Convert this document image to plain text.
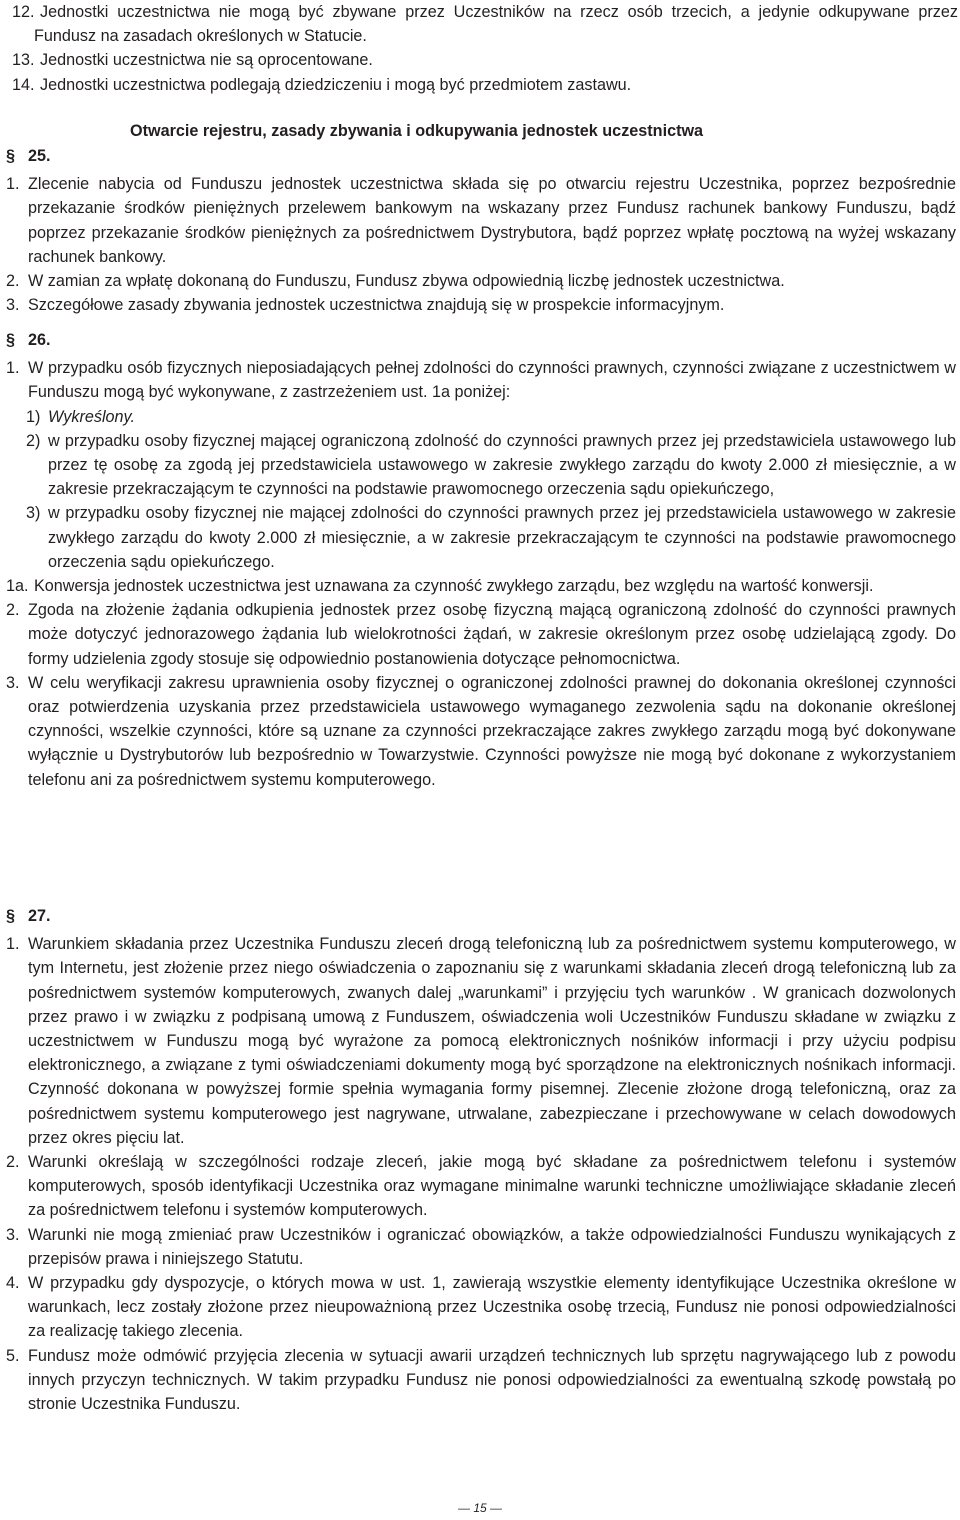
12. Jednostki uczestnictwa nie mogą być zbywane przez Uczestników na rzecz osób trzecich, a jedynie odkupywane przez Fundusz na zasadach określonych w Statucie.
13. Jednostki uczestnictwa nie są oprocentowane.
14. Jednostki uczestnictwa podlegają dziedziczeniu i mogą być przedmiotem zastawu.
Otwarcie rejestru, zasady zbywania i odkupywania jednostek uczestnictwa
§ 25.
1. Zlecenie nabycia od Funduszu jednostek uczestnictwa składa się po otwarciu rejestru Uczestnika, poprzez bezpośrednie przekazanie środków pieniężnych przelewem bankowym na wskazany przez Fundusz rachunek bankowy Funduszu, bądź poprzez przekazanie środków pieniężnych za pośrednictwem Dystrybutora, bądź poprzez wpłatę pocztową na wyżej wskazany rachunek bankowy.
2. W zamian za wpłatę dokonaną do Funduszu, Fundusz zbywa odpowiednią liczbę jednostek uczestnictwa.
3. Szczegółowe zasady zbywania jednostek uczestnictwa znajdują się w prospekcie informacyjnym.
§ 26.
1. W przypadku osób fizycznych nieposiadających pełnej zdolności do czynności prawnych, czynności związane z uczestnictwem w Funduszu mogą być wykonywane, z zastrzeżeniem ust. 1a poniżej:
1) Wykreślony.
2) w przypadku osoby fizycznej mającej ograniczoną zdolność do czynności prawnych przez jej przedstawiciela ustawowego lub przez tę osobę za zgodą jej przedstawiciela ustawowego w zakresie zwykłego zarządu do kwoty 2.000 zł miesięcznie, a w zakresie przekraczającym te czynności na podstawie prawomocnego orzeczenia sądu opiekuńczego,
3) w przypadku osoby fizycznej nie mającej zdolności do czynności prawnych przez jej przedstawiciela ustawowego w zakresie zwykłego zarządu do kwoty 2.000 zł miesięcznie, a w zakresie przekraczającym te czynności na podstawie prawomocnego orzeczenia sądu opiekuńczego.
1a. Konwersja jednostek uczestnictwa jest uznawana za czynność zwykłego zarządu, bez względu na wartość konwersji.
2. Zgoda na złożenie żądania odkupienia jednostek przez osobę fizyczną mającą ograniczoną zdolność do czynności prawnych może dotyczyć jednorazowego żądania lub wielokrotności żądań, w zakresie określonym przez osobę udzielającą zgody. Do formy udzielenia zgody stosuje się odpowiednio postanowienia dotyczące pełnomocnictwa.
3. W celu weryfikacji zakresu uprawnienia osoby fizycznej o ograniczonej zdolności prawnej do dokonania określonej czynności oraz potwierdzenia uzyskania przez przedstawiciela ustawowego wymaganego zezwolenia sądu na dokonanie określonej czynności, wszelkie czynności, które są uznane za czynności przekraczające zakres zwykłego zarządu mogą być dokonywane wyłącznie u Dystrybutorów lub bezpośrednio w Towarzystwie. Czynności powyższe nie mogą być dokonane z wykorzystaniem telefonu ani za pośrednictwem systemu komputerowego.
§ 27.
1. Warunkiem składania przez Uczestnika Funduszu zleceń drogą telefoniczną lub za pośrednictwem systemu komputerowego, w tym Internetu, jest złożenie przez niego oświadczenia o zapoznaniu się z warunkami składania zleceń drogą telefoniczną lub za pośrednictwem systemów komputerowych, zwanych dalej „warunkami” i przyjęciu tych warunków . W granicach dozwolonych przez prawo i w związku z podpisaną umową z Funduszem, oświadczenia woli Uczestników Funduszu składane w związku z uczestnictwem w Funduszu mogą być wyrażone za pomocą elektronicznych nośników informacji i przy użyciu podpisu elektronicznego, a związane z tymi oświadczeniami dokumenty mogą być sporządzone na elektronicznych nośnikach informacji. Czynność dokonana w powyższej formie spełnia wymagania formy pisemnej. Zlecenie złożone drogą telefoniczną, oraz za pośrednictwem systemu komputerowego jest nagrywane, utrwalane, zabezpieczane i przechowywane w celach dowodowych przez okres pięciu lat.
2. Warunki określają w szczególności rodzaje zleceń, jakie mogą być składane za pośrednictwem telefonu i systemów komputerowych, sposób identyfikacji Uczestnika oraz wymagane minimalne warunki techniczne umożliwiające składanie zleceń za pośrednictwem telefonu i systemów komputerowych.
3. Warunki nie mogą zmieniać praw Uczestników i ograniczać obowiązków, a także odpowiedzialności Funduszu wynikających z przepisów prawa i niniejszego Statutu.
4. W przypadku gdy dyspozycje, o których mowa w ust. 1, zawierają wszystkie elementy identyfikujące Uczestnika określone w warunkach, lecz zostały złożone przez nieupoważnioną przez Uczestnika osobę trzecią, Fundusz nie ponosi odpowiedzialności za realizację takiego zlecenia.
5. Fundusz może odmówić przyjęcia zlecenia w sytuacji awarii urządzeń technicznych lub sprzętu nagrywającego lub z powodu innych przyczyn technicznych. W takim przypadku Fundusz nie ponosi odpowiedzialności za ewentualną szkodę powstałą po stronie Uczestnika Funduszu.
— 15 —
